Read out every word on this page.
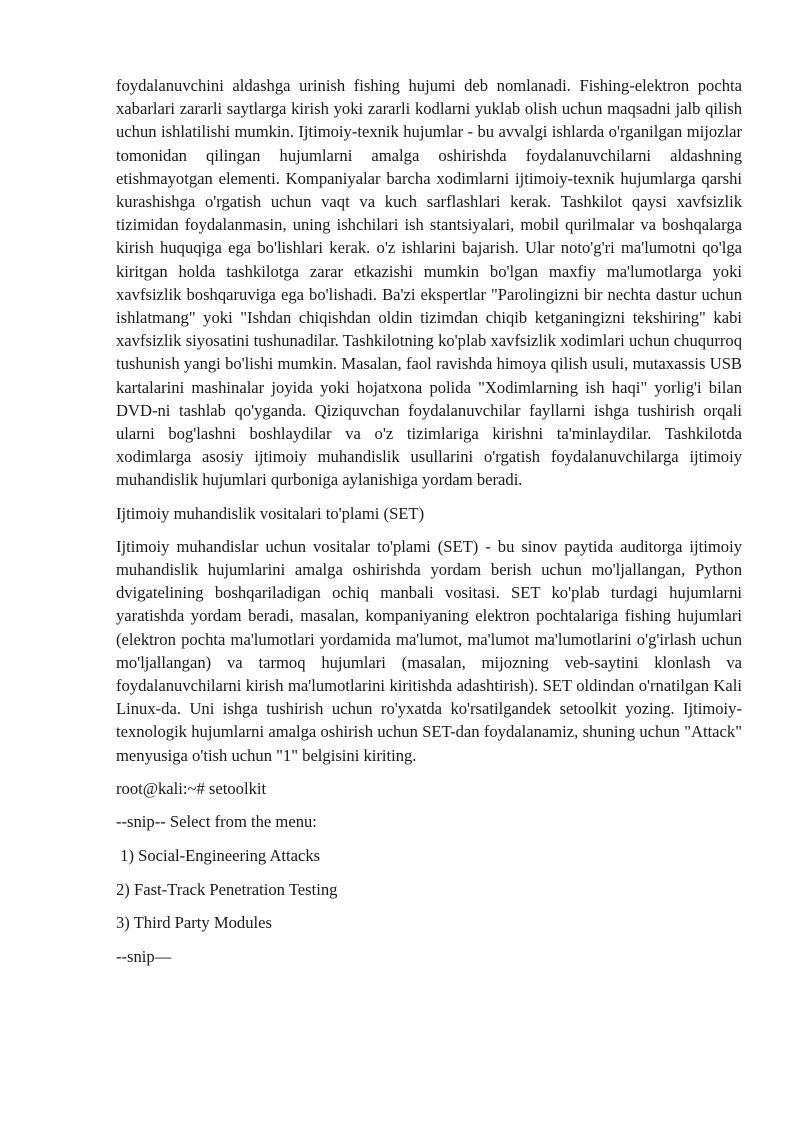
foydalanuvchini aldashga urinish fishing hujumi deb nomlanadi. Fishing-elektron pochta xabarlari zararli saytlarga kirish yoki zararli kodlarni yuklab olish uchun maqsadni jalb qilish uchun ishlatilishi mumkin. Ijtimoiy-texnik hujumlar - bu avvalgi ishlarda o'rganilgan mijozlar tomonidan qilingan hujumlarni amalga oshirishda foydalanuvchilarni aldashning etishmayotgan elementi. Kompaniyalar barcha xodimlarni ijtimoiy-texnik hujumlarga qarshi kurashishga o'rgatish uchun vaqt va kuch sarflashlari kerak. Tashkilot qaysi xavfsizlik tizimidan foydalanmasin, uning ishchilari ish stantsiyalari, mobil qurilmalar va boshqalarga kirish huquqiga ega bo'lishlari kerak. o'z ishlarini bajarish. Ular noto'g'ri ma'lumotni qo'lga kiritgan holda tashkilotga zarar etkazishi mumkin bo'lgan maxfiy ma'lumotlarga yoki xavfsizlik boshqaruviga ega bo'lishadi. Ba'zi ekspertlar "Parolingizni bir nechta dastur uchun ishlatmang" yoki "Ishdan chiqishdan oldin tizimdan chiqib ketganingizni tekshiring" kabi xavfsizlik siyosatini tushunadilar. Tashkilotning ko'plab xavfsizlik xodimlari uchun chuqurroq tushunish yangi bo'lishi mumkin. Masalan, faol ravishda himoya qilish usuli, mutaxassis USB kartalarini mashinalar joyida yoki hojatxona polida "Xodimlarning ish haqi" yorlig'i bilan DVD-ni tashlab qo'yganda. Qiziquvchan foydalanuvchilar fayllarni ishga tushirish orqali ularni bog'lashni boshlaydilar va o'z tizimlariga kirishni ta'minlaydilar. Tashkilotda xodimlarga asosiy ijtimoiy muhandislik usullarini o'rgatish foydalanuvchilarga ijtimoiy muhandislik hujumlari qurboniga aylanishiga yordam beradi.

Ijtimoiy muhandislik vositalari to'plami (SET)

Ijtimoiy muhandislar uchun vositalar to'plami (SET) - bu sinov paytida auditorga ijtimoiy muhandislik hujumlarini amalga oshirishda yordam berish uchun mo'ljallangan, Python dvigatelining boshqariladigan ochiq manbali vositasi. SET ko'plab turdagi hujumlarni yaratishda yordam beradi, masalan, kompaniyaning elektron pochtalariga fishing hujumlari (elektron pochta ma'lumotlari yordamida ma'lumot, ma'lumot ma'lumotlarini o'g'irlash uchun mo'ljallangan) va tarmoq hujumlari (masalan, mijozning veb-saytini klonlash va foydalanuvchilarni kirish ma'lumotlarini kiritishda adashtirish). SET oldindan o'rnatilgan Kali Linux-da. Uni ishga tushirish uchun ro'yxatda ko'rsatilgandek setoolkit yozing. Ijtimoiy-texnologik hujumlarni amalga oshirish uchun SET-dan foydalanamiz, shuning uchun "Attack" menyusiga o'tish uchun "1" belgisini kiriting.

root@kali:~# setoolkit
--snip-- Select from the menu:
1) Social-Engineering Attacks
2) Fast-Track Penetration Testing
3) Third Party Modules
--snip—
